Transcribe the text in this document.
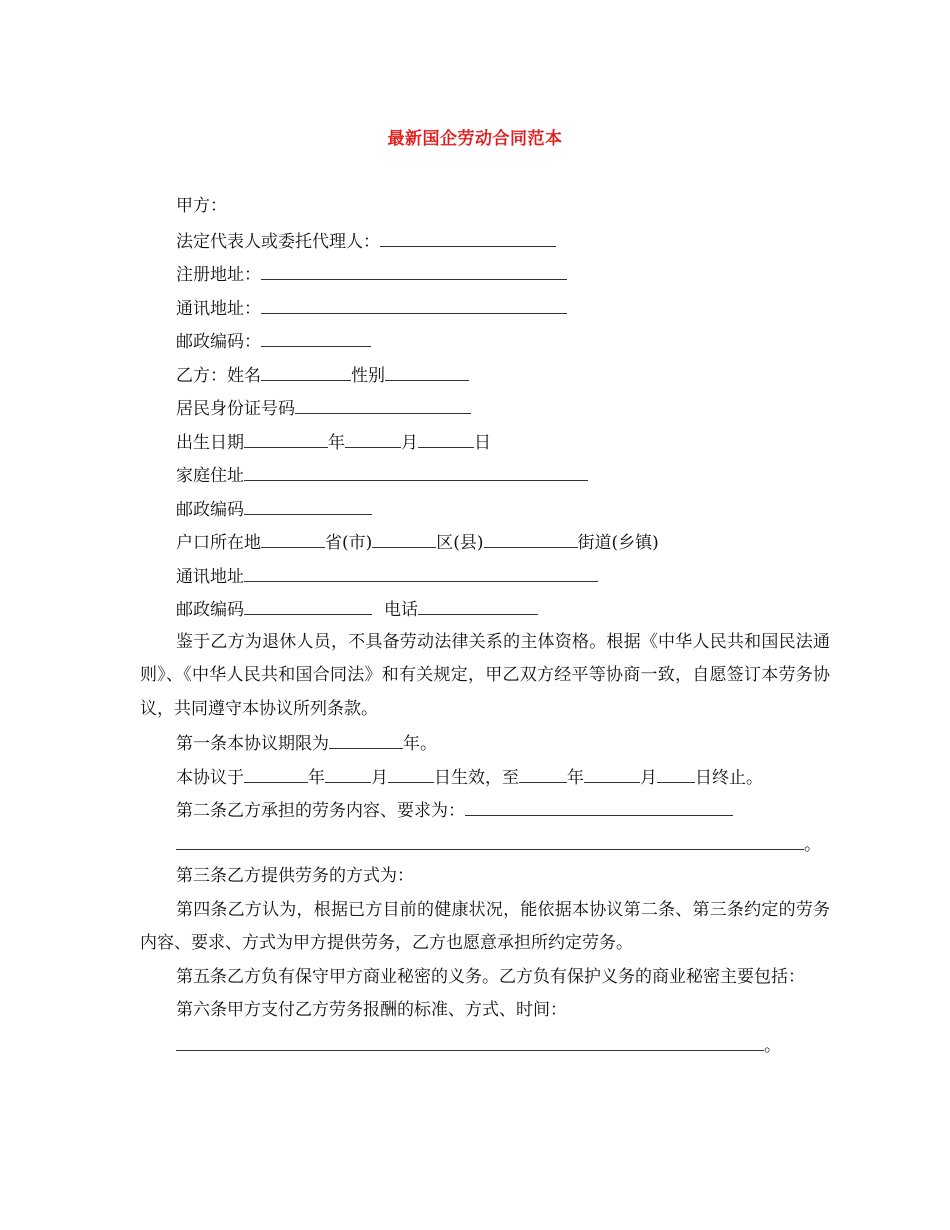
最新国企劳动合同范本
甲方：
法定代表人或委托代理人：
注册地址：
通讯地址：
邮政编码：
乙方：姓名	性别
居民身份证号码
出生日期	年	月	日
家庭住址
邮政编码
户口所在地	省(市)	区(县)	街道(乡镇)
通讯地址
邮政编码	电话
鉴于乙方为退休人员，不具备劳动法律关系的主体资格。根据《中华人民共和国民法通则》、《中华人民共和国合同法》和有关规定，甲乙双方经平等协商一致，自愿签订本劳务协议，共同遵守本协议所列条款。
第一条本协议期限为	年。
本协议于	年	月	日生效，至	年	月 日终止。
第二条乙方承担的劳务内容、要求为：
。
第三条乙方提供劳务的方式为：
第四条乙方认为，根据已方目前的健康状况，能依据本协议第二条、第三条约定的劳务内容、要求、方式为甲方提供劳务，乙方也愿意承担所约定劳务。
第五条乙方负有保守甲方商业秘密的义务。乙方负有保护义务的商业秘密主要包括：
第六条甲方支付乙方劳务报酬的标准、方式、时间：
。
